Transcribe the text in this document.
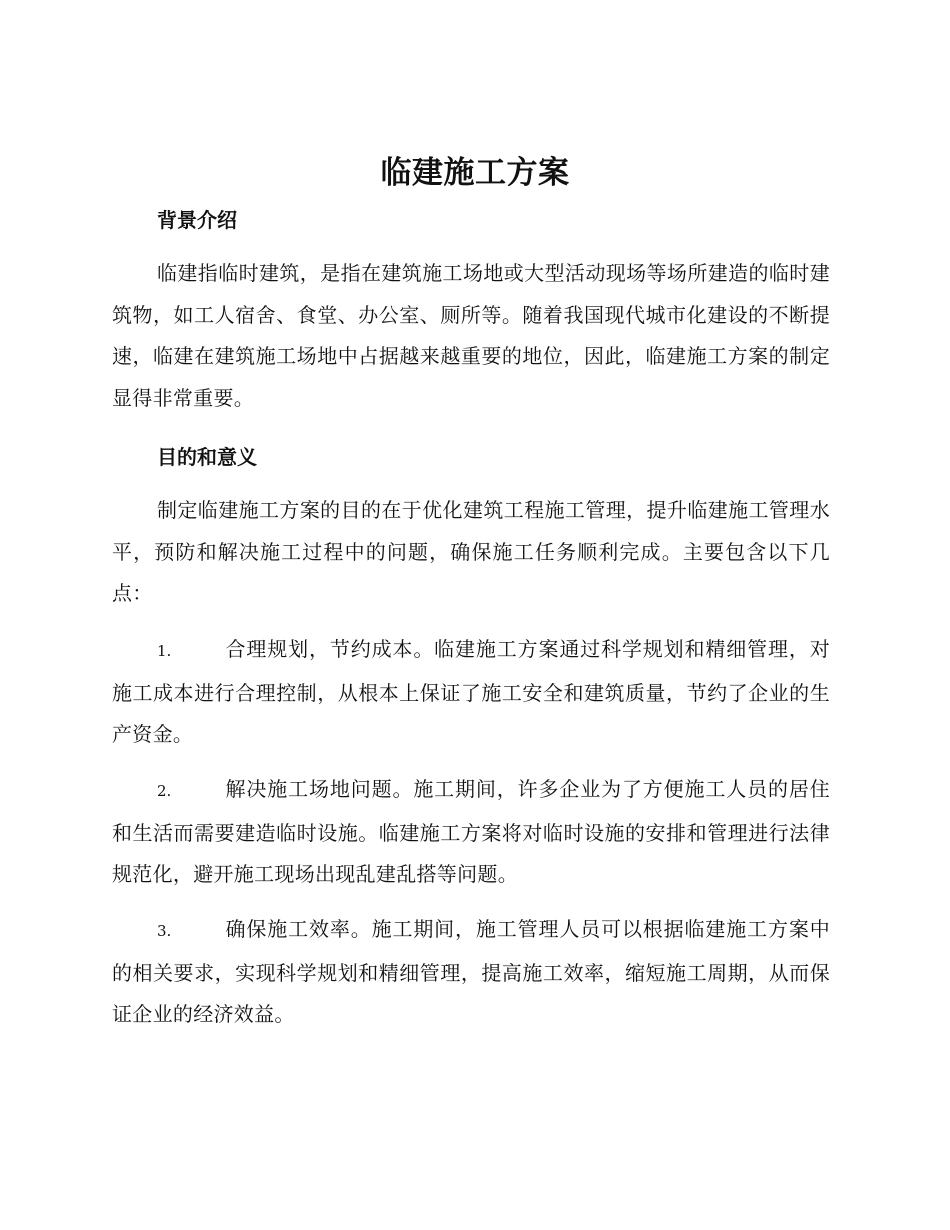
临建施工方案
背景介绍

临建指临时建筑，是指在建筑施工场地或大型活动现场等场所建造的临时建筑物，如工人宿舍、食堂、办公室、厕所等。随着我国现代城市化建设的不断提速，临建在建筑施工场地中占据越来越重要的地位，因此，临建施工方案的制定显得非常重要。

目的和意义

制定临建施工方案的目的在于优化建筑工程施工管理，提升临建施工管理水平，预防和解决施工过程中的问题，确保施工任务顺利完成。主要包含以下几点：

1.	合理规划，节约成本。临建施工方案通过科学规划和精细管理，对施工成本进行合理控制，从根本上保证了施工安全和建筑质量，节约了企业的生产资金。

2.	解决施工场地问题。施工期间，许多企业为了方便施工人员的居住和生活而需要建造临时设施。临建施工方案将对临时设施的安排和管理进行法律规范化，避开施工现场出现乱建乱搭等问题。

3.	确保施工效率。施工期间，施工管理人员可以根据临建施工方案中的相关要求，实现科学规划和精细管理，提高施工效率，缩短施工周期，从而保证企业的经济效益。
